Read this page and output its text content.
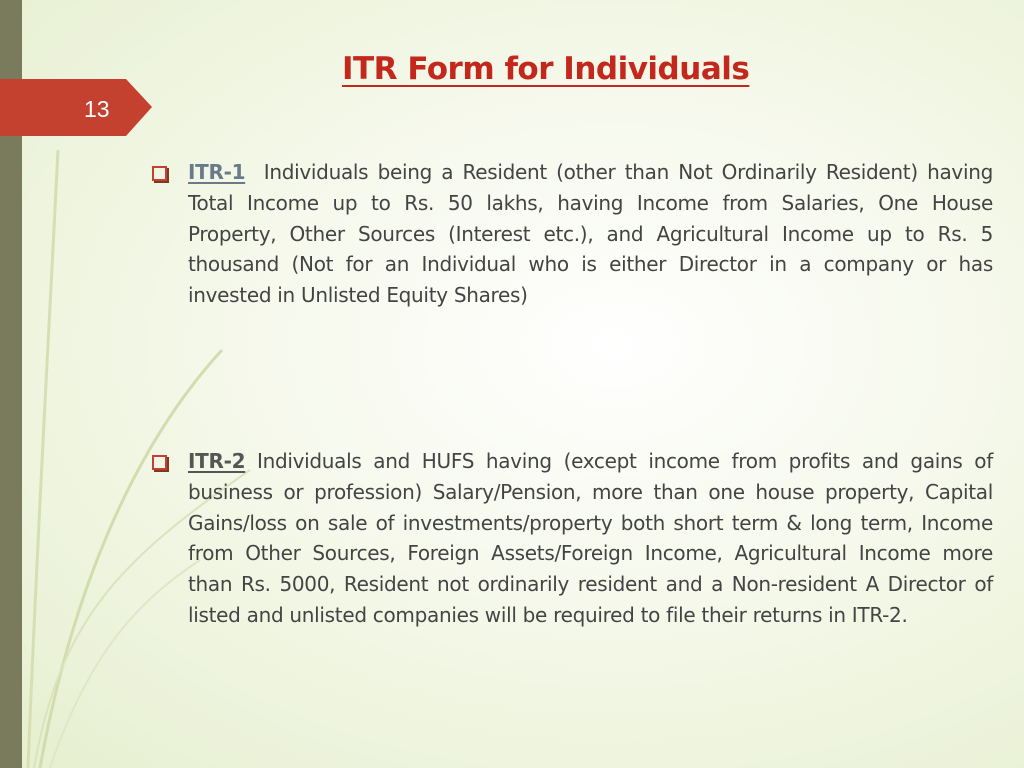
13
ITR Form for Individuals

ITR-1 Individuals being a Resident (other than Not Ordinarily Resident) having Total Income up to Rs. 50 lakhs, having Income from Salaries, One House Property, Other Sources (Interest etc.), and Agricultural Income up to Rs. 5 thousand (Not for an Individual who is either Director in a company or has invested in Unlisted Equity Shares)

ITR-2 Individuals and HUFS having (except income from profits and gains of business or profession) Salary/Pension, more than one house property, Capital Gains/loss on sale of investments/property both short term & long term, Income from Other Sources, Foreign Assets/Foreign Income, Agricultural Income more than Rs. 5000, Resident not ordinarily resident and a Non-resident A Director of listed and unlisted companies will be required to file their returns in ITR-2.
